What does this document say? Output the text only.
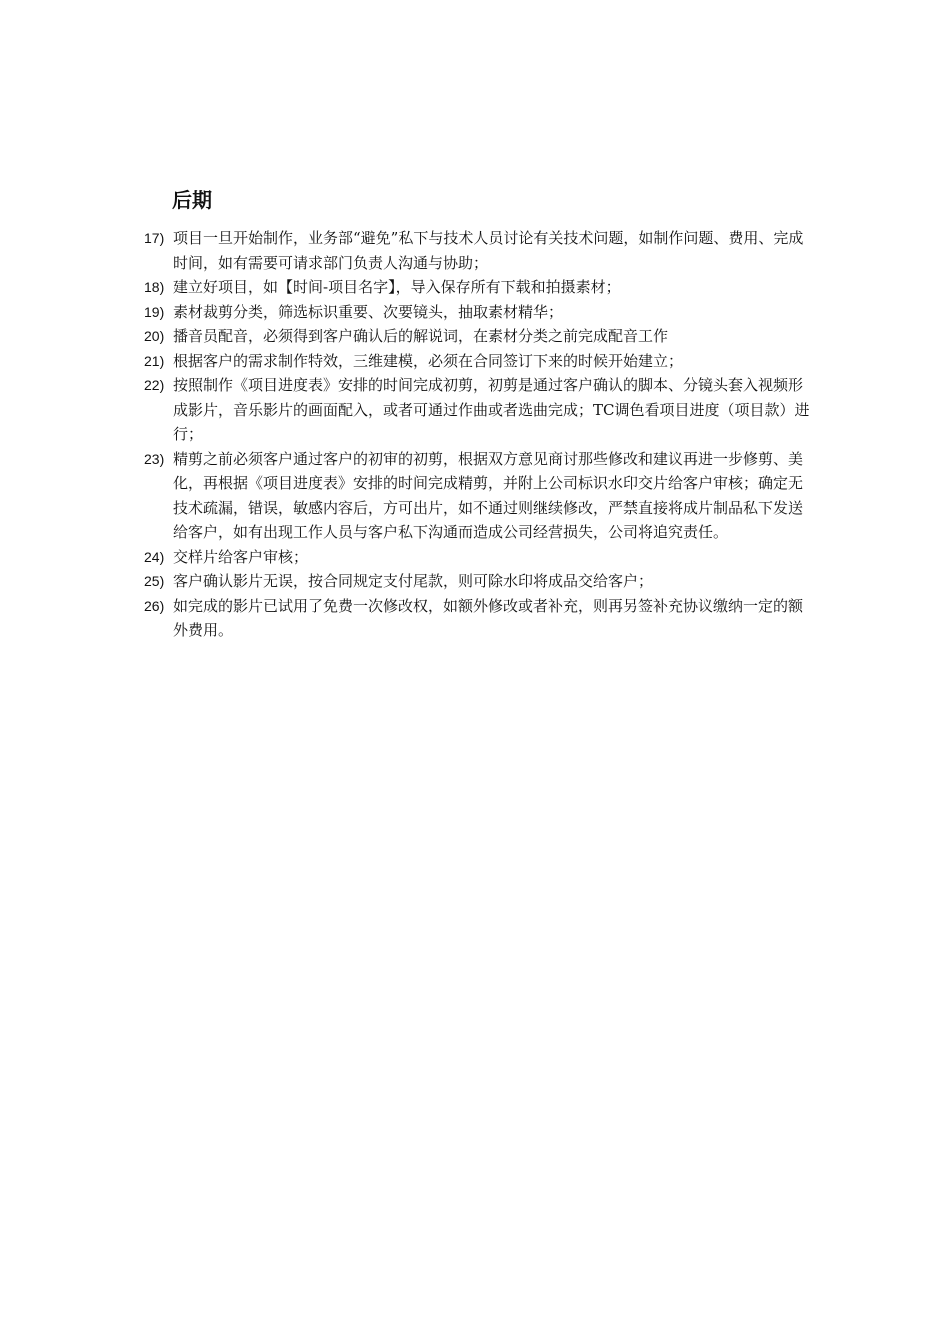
后期
17) 项目一旦开始制作，业务部“避免”私下与技术人员讨论有关技术问题，如制作问题、费用、完成时间，如有需要可请求部门负责人沟通与协助；
18) 建立好项目，如【时间-项目名字】，导入保存所有下载和拍摄素材；
19) 素材裁剪分类，筛选标识重要、次要镜头，抽取素材精华；
20) 播音员配音，必须得到客户确认后的解说词，在素材分类之前完成配音工作
21) 根据客户的需求制作特效，三维建模，必须在合同签订下来的时候开始建立；
22) 按照制作《项目进度表》安排的时间完成初剪，初剪是通过客户确认的脚本、分镜头套入视频形成影片，音乐影片的画面配入，或者可通过作曲或者选曲完成；TC调色看项目进度（项目款）进行；
23) 精剪之前必须客户通过客户的初审的初剪，根据双方意见商讨那些修改和建议再进一步修剪、美化，再根据《项目进度表》安排的时间完成精剪，并附上公司标识水印交片给客户审核；确定无技术疏漏，错误，敏感内容后，方可出片，如不通过则继续修改，严禁直接将成片制品私下发送给客户，如有出现工作人员与客户私下沟通而造成公司经营损失，公司将追究责任。
24) 交样片给客户审核；
25) 客户确认影片无误，按合同规定支付尾款，则可除水印将成品交给客户；
26) 如完成的影片已试用了免费一次修改权，如额外修改或者补充，则再另签补充协议缴纳一定的额外费用。
